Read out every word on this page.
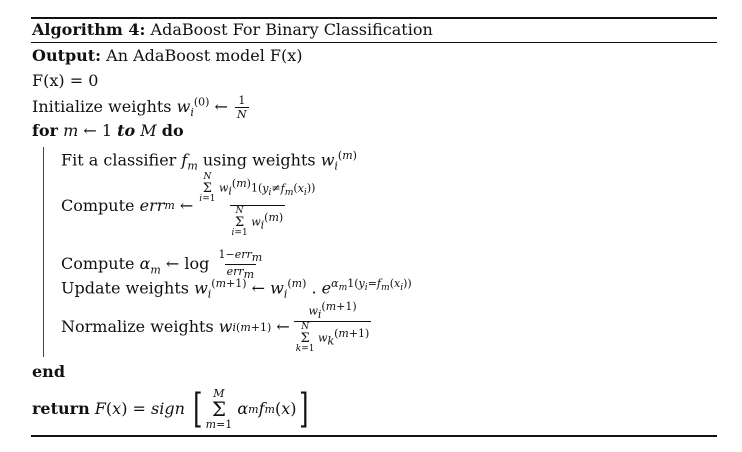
Algorithm 4: AdaBoost For Binary Classification
Output: An AdaBoost model F(x)
F(x) = 0
Initialize weights $w_i^{(0)}$ ← $\frac{1}{N}$
for m ← 1 to M do
Fit a classifier $f_m$ using weights $w_i^{(m)}$
Compute
err m ← N
Σ
i=1
$w_i^{(m)}1(y_i\ne f_m(x_i))$
N
Σ
i=1
$w_i^{(m)}$
Compute $\alpha_m$ ← $\log \frac{1-err_m}{err_m}$
Update weights $w_i^{(m+1)}$ ← $w_i^{(m)}$ . $e^{\alpha_m1(y_i=f_m(x_i))}$
Normalize weights
w i (m+1) ← $w_i^{(m+1)}$
N
Σ
k=1
$w_k^{(m+1)}$
end
return
F ( x ) = sign
[ M
Σ
m=1

α m f m ( x ) ]
